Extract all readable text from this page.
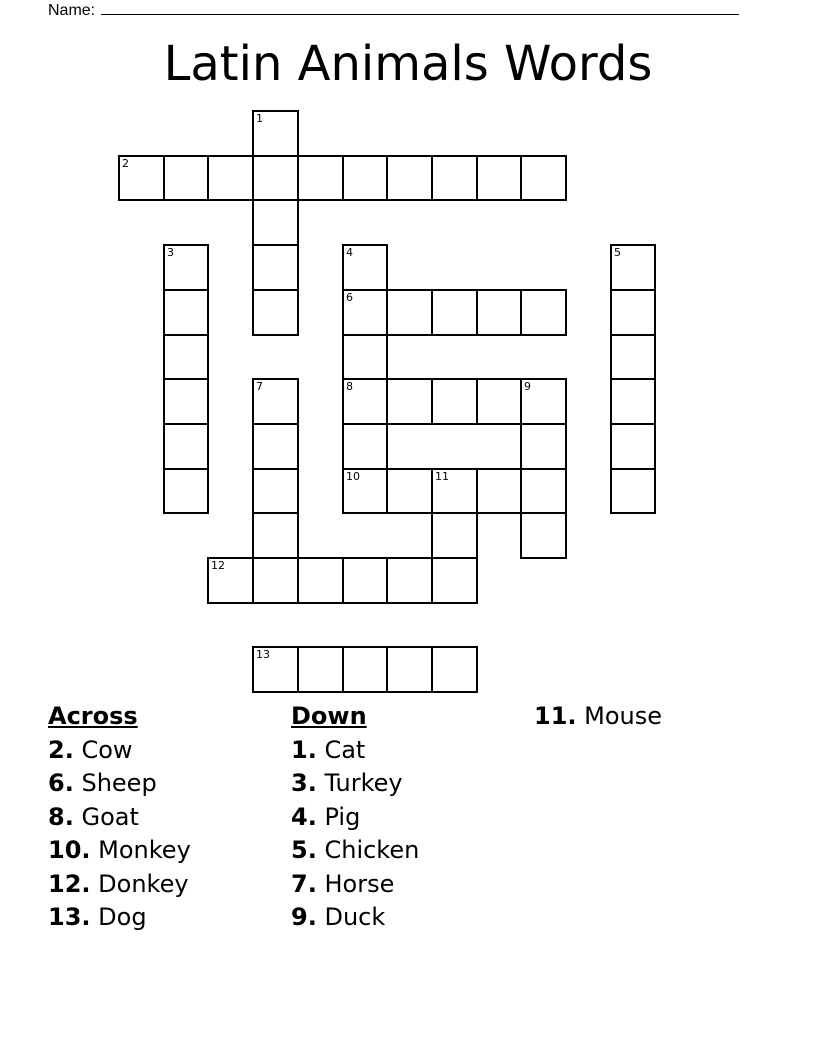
Name:
Latin Animals Words
2
6
8	9
10	11
12
13
1
3	4	5
7
Across
2. Cow
6. Sheep
8. Goat
10. Monkey
12. Donkey
13. Dog
Down
1. Cat
3. Turkey
4. Pig
5. Chicken
7. Horse
9. Duck
11. Mouse
